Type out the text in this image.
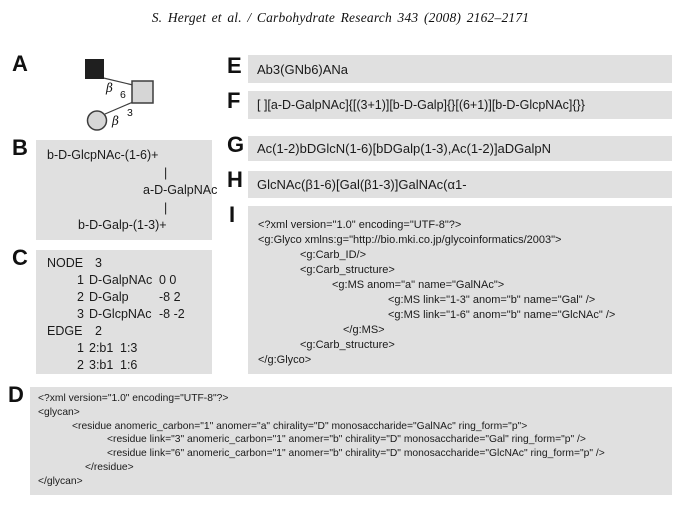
S. Herget et al. / Carbohydrate Research 343 (2008) 2162–2171
A
β 6
β
3
B	b-D-GlcpNAc-(1-6)+
|
a-D-GalpNAc
|
b-D-Galp-(1-3)+
C	NODE 3
1 D-GalpNAc 0 0
2 D-Galp -8 2
3 D-GlcpNAc -8 -2
EDGE 2
1 2:b1 1:3
2 3:b1 1:6
D <?xml version="1.0" encoding="UTF-8"?>
<glycan>
<residue anomeric_carbon="1" anomer="a" chirality="D" monosaccharide="GalNAc" ring_form="p">
<residue link="3" anomeric_carbon="1" anomer="b" chirality="D" monosaccharide="Gal" ring_form="p" />
<residue link="6" anomeric_carbon="1" anomer="b" chirality="D" monosaccharide="GlcNAc" ring_form="p" />
</residue>
</glycan>
E Ab3(GNb6)ANa
F [ ][a-D-GalpNAc]{[(3+1)][b-D-Galp]{}[(6+1)][b-D-GlcpNAc]{}}
G Ac(1-2)bDGlcN(1-6)[bDGalp(1-3),Ac(1-2)]aDGalpN
H GlcNAc(β1-6)[Gal(β1-3)]GalNAc(α1-
I <?xml version="1.0" encoding="UTF-8"?>
<g:Glyco xmlns:g="http://bio.mki.co.jp/glycoinformatics/2003">
<g:Carb_ID/>
<g:Carb_structure>
<g:MS anom="a" name="GalNAc">
<g:MS link="1-3" anom="b" name="Gal" />
<g:MS link="1-6" anom="b" name="GlcNAc" />
</g:MS>
<g:Carb_structure>
</g:Glyco>
